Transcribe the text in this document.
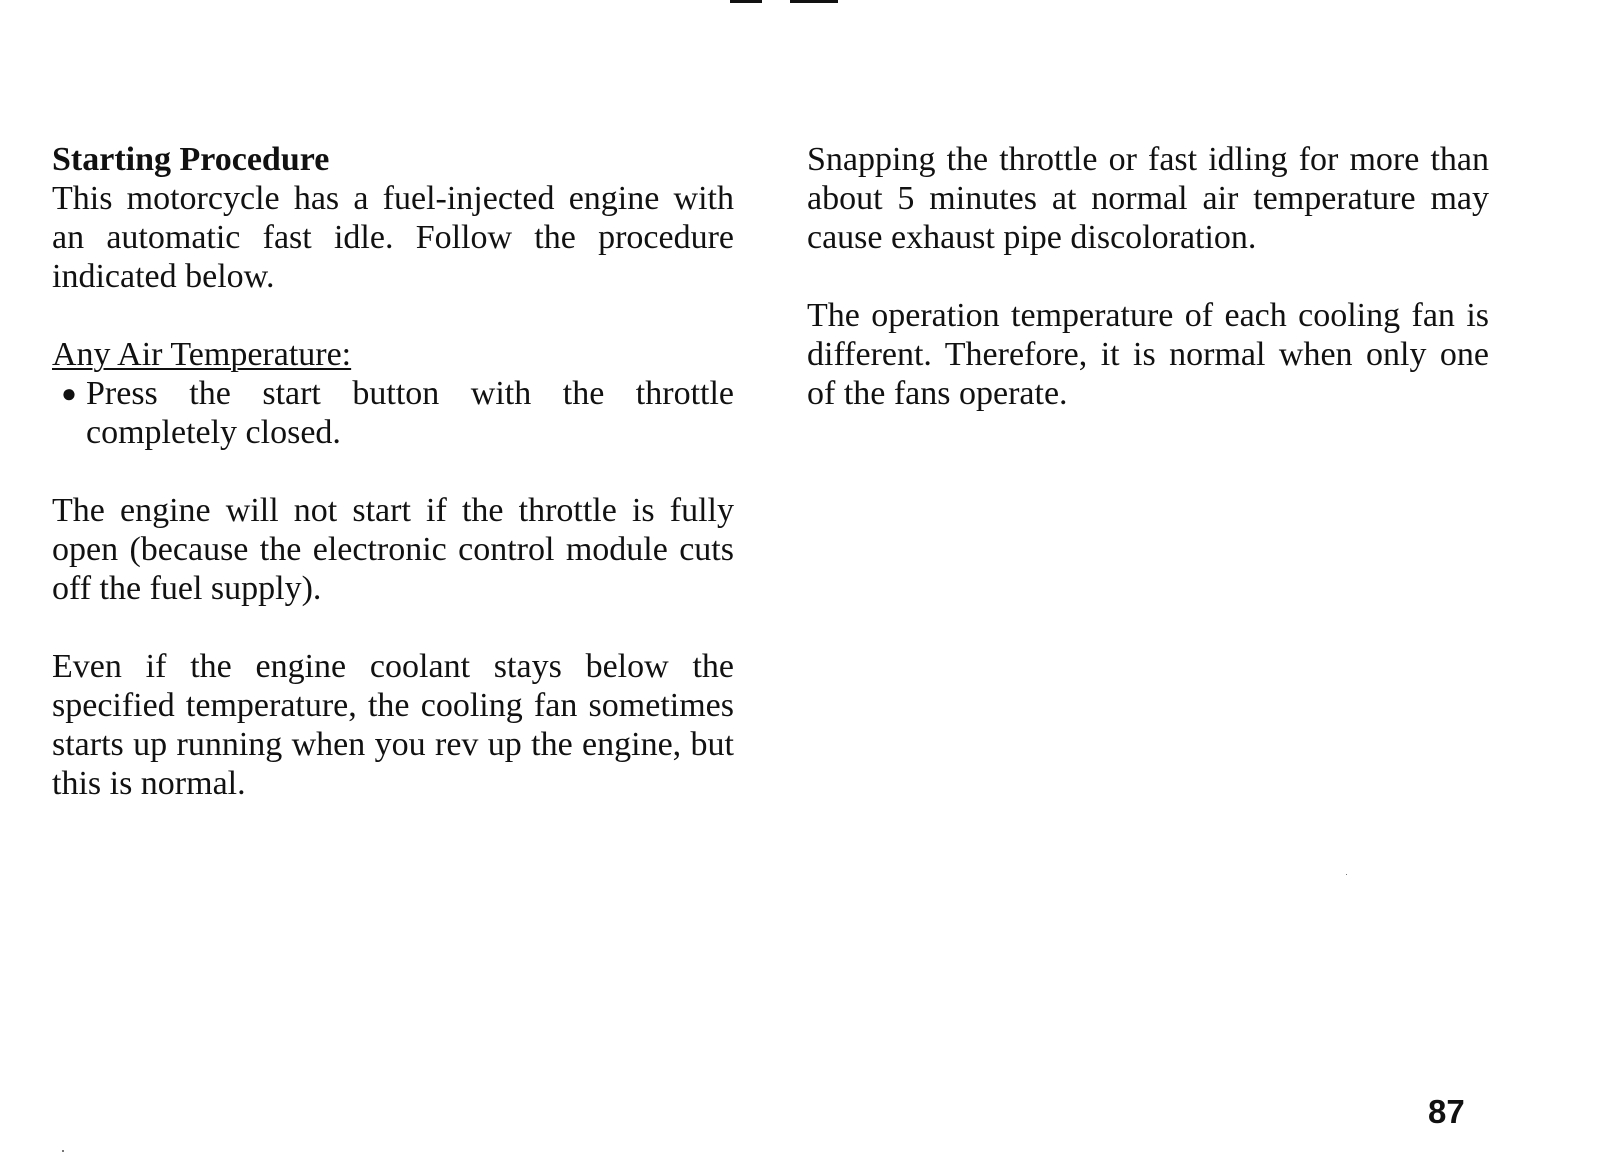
Starting Procedure

This motorcycle has a fuel-injected engine with an automatic fast idle. Follow the procedure indicated below.

Any Air Temperature:

● Press the start button with the throttle completely closed.

The engine will not start if the throttle is fully open (because the electronic control module cuts off the fuel supply).

Even if the engine coolant stays below the specified temperature, the cooling fan sometimes starts up running when you rev up the engine, but this is normal.

Snapping the throttle or fast idling for more than about 5 minutes at normal air temperature may cause exhaust pipe discoloration.

The operation temperature of each cooling fan is different. Therefore, it is normal when only one of the fans operate.

87
